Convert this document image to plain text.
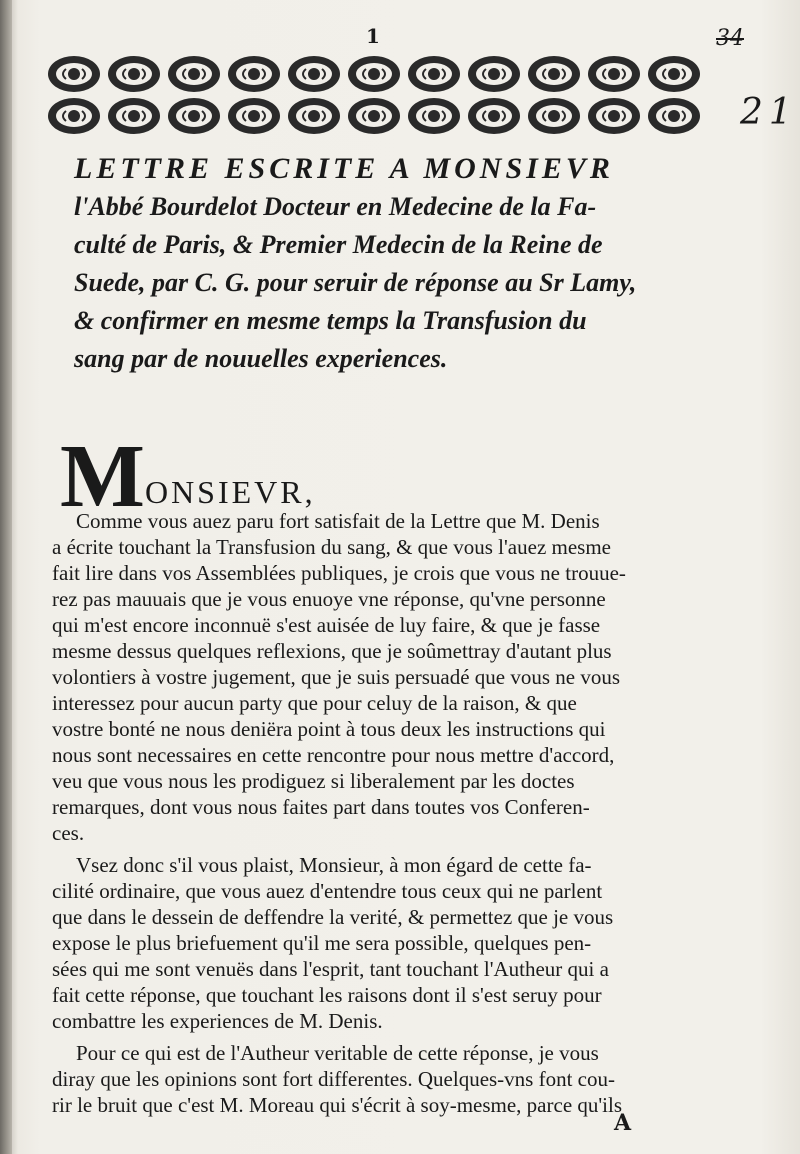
1	34
21
LETTRE ESCRITE A MONSIEVR
l'Abbé Bourdelot Docteur en Medecine de la Fa-
culté de Paris, & Premier Medecin de la Reine de
Suede, par C. G. pour seruir de réponse au Sr Lamy,
& confirmer en mesme temps la Transfusion du
sang par de nouuelles experiences.

MONSIEVR,

Comme vous auez paru fort satisfait de la Lettre que M. Denis
a écrite touchant la Transfusion du sang, & que vous l'auez mesme
fait lire dans vos Assemblées publiques, je crois que vous ne trouue-
rez pas mauuais que je vous enuoye vne réponse, qu'vne personne
qui m'est encore inconnuë s'est auisée de luy faire, & que je fasse
mesme dessus quelques reflexions, que je soûmettray d'autant plus
volontiers à vostre jugement, que je suis persuadé que vous ne vous
interessez pour aucun party que pour celuy de la raison, & que
vostre bonté ne nous deniëra point à tous deux les instructions qui
nous sont necessaires en cette rencontre pour nous mettre d'accord,
veu que vous nous les prodiguez si liberalement par les doctes
remarques, dont vous nous faites part dans toutes vos Conferen-
ces.
Vsez donc s'il vous plaist, Monsieur, à mon égard de cette fa-
cilité ordinaire, que vous auez d'entendre tous ceux qui ne parlent
que dans le dessein de deffendre la verité, & permettez que je vous
expose le plus briefuement qu'il me sera possible, quelques pen-
sées qui me sont venuës dans l'esprit, tant touchant l'Autheur qui a
fait cette réponse, que touchant les raisons dont il s'est seruy pour
combattre les experiences de M. Denis.
Pour ce qui est de l'Autheur veritable de cette réponse, je vous
diray que les opinions sont fort differentes. Quelques-vns font cou-
rir le bruit que c'est M. Moreau qui s'écrit à soy-mesme, parce qu'ils
A
